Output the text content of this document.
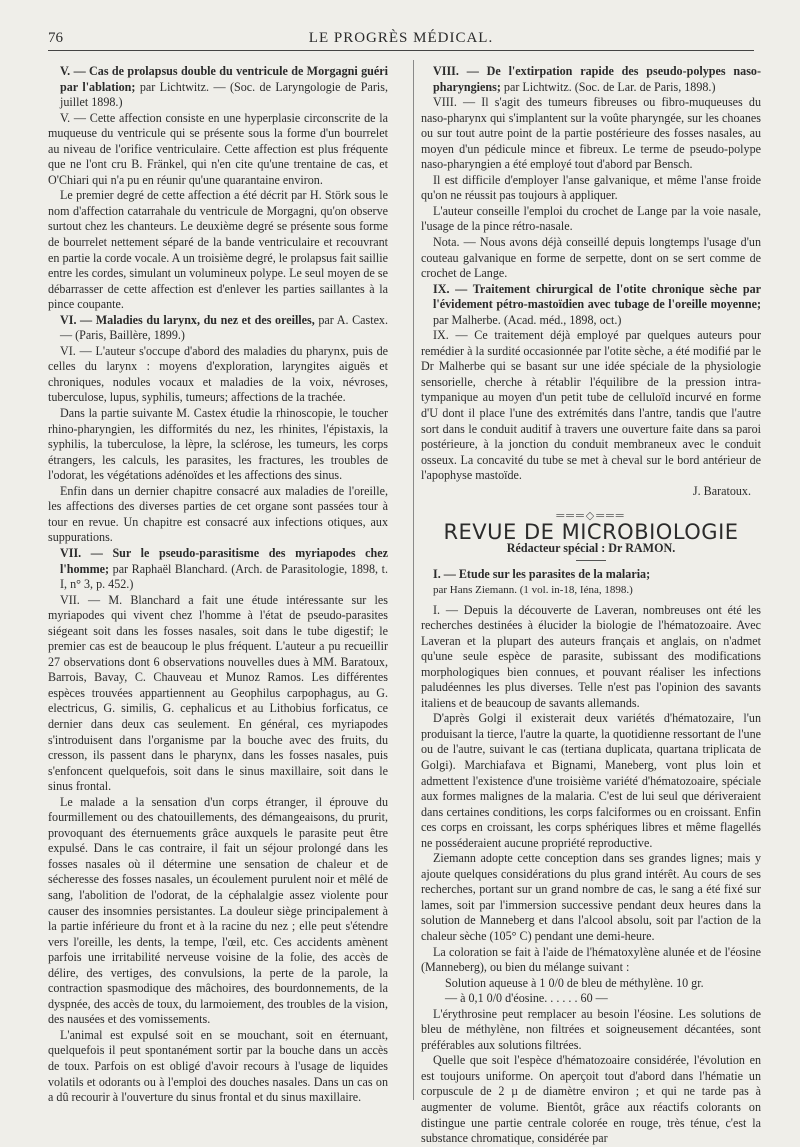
76	LE PROGRÈS MÉDICAL.

V. — Cas de prolapsus double du ventricule de Morgagni guéri par l'ablation; par Lichtwitz. — (Soc. de Laryngologie de Paris, juillet 1898.)

V. — Cette affection consiste en une hyperplasie circonscrite de la muqueuse du ventricule qui se présente sous la forme d'un bourrelet au niveau de l'orifice ventriculaire. Cette affection est plus fréquente que ne l'ont cru B. Fränkel, qui n'en cite qu'une trentaine de cas, et O'Chiari qui n'a pu en réunir qu'une quarantaine environ.

Le premier degré de cette affection a été décrit par H. Störk sous le nom d'affection catarrahale du ventricule de Morgagni, qu'on observe surtout chez les chanteurs. Le deuxième degré se présente sous forme de bourrelet nettement séparé de la bande ventriculaire et recouvrant en partie la corde vocale. A un troisième degré, le prolapsus fait saillie entre les cordes, simulant un volumineux polype. Le seul moyen de se débarrasser de cette affection est d'enlever les parties saillantes à la pince coupante.

VI. — Maladies du larynx, du nez et des oreilles, par A. Castex. — (Paris, Baillère, 1899.)

VI. — L'auteur s'occupe d'abord des maladies du pharynx, puis de celles du larynx : moyens d'exploration, laryngites aiguës et chroniques, nodules vocaux et maladies de la voix, névroses, tuberculose, lupus, syphilis, tumeurs; affections de la trachée.

Dans la partie suivante M. Castex étudie la rhinoscopie, le toucher rhino-pharyngien, les difformités du nez, les rhinites, l'épistaxis, la syphilis, la tuberculose, la lèpre, la sclérose, les tumeurs, les corps étrangers, les calculs, les parasites, les fractures, les troubles de l'odorat, les végétations adénoïdes et les affections des sinus.

Enfin dans un dernier chapitre consacré aux maladies de l'oreille, les affections des diverses parties de cet organe sont passées tour à tour en revue. Un chapitre est consacré aux infections otiques, aux suppurations.

VII. — Sur le pseudo-parasitisme des myriapodes chez l'homme; par Raphaël Blanchard. (Arch. de Parasitologie, 1898, t. I, n° 3, p. 452.)

VII. — M. Blanchard a fait une étude intéressante sur les myriapodes qui vivent chez l'homme à l'état de pseudo-parasites siégeant soit dans les fosses nasales, soit dans le tube digestif; le premier cas est de beaucoup le plus fréquent. L'auteur a pu recueillir 27 observations dont 6 observations nouvelles dues à MM. Baratoux, Barrois, Bavay, C. Chauveau et Munoz Ramos. Les différentes espèces trouvées appartiennent au Geophilus carpophagus, au G. electricus, G. similis, G. cephalicus et au Lithobius forficatus, ce dernier dans deux cas seulement. En général, ces myriapodes s'introduisent dans l'organisme par la bouche avec des fruits, du cresson, ils passent dans le pharynx, dans les fosses nasales, puis s'enfoncent quelquefois, soit dans le sinus maxillaire, soit dans le sinus frontal.

Le malade a la sensation d'un corps étranger, il éprouve du fourmillement ou des chatouillements, des démangeaisons, du prurit, provoquant des éternuements grâce auxquels le parasite peut être expulsé. Dans le cas contraire, il fait un séjour prolongé dans les fosses nasales où il détermine une sensation de chaleur et de sécheresse des fosses nasales, un écoulement purulent noir et mêlé de sang, l'abolition de l'odorat, de la céphalalgie assez violente pour causer des insomnies persistantes. La douleur siège principalement à la partie inférieure du front et à la racine du nez ; elle peut s'étendre vers l'oreille, les dents, la tempe, l'œil, etc. Ces accidents amènent parfois une irritabilité nerveuse voisine de la folie, des accès de délire, des vertiges, des convulsions, la perte de la parole, la contraction spasmodique des mâchoires, des bourdonnements, de la dyspnée, des accès de toux, du larmoiement, des troubles de la vision, des nausées et des vomissements.

L'animal est expulsé soit en se mouchant, soit en éternuant, quelquefois il peut spontanément sortir par la bouche dans un accès de toux. Parfois on est obligé d'avoir recours à l'usage de liquides volatils et odorants ou à l'emploi des douches nasales. Dans un cas on a dû recourir à l'ouverture du sinus frontal et du sinus maxillaire.

VIII. — De l'extirpation rapide des pseudo-polypes naso-pharyngiens; par Lichtwitz. (Soc. de Lar. de Paris, 1898.)

VIII. — Il s'agit des tumeurs fibreuses ou fibro-muqueuses du naso-pharynx qui s'implantent sur la voûte pharyngée, sur les choanes ou sur tout autre point de la partie postérieure des fosses nasales, au moyen d'un pédicule mince et fibreux. Le terme de pseudo-polype naso-pharyngien a été employé tout d'abord par Bensch.

Il est difficile d'employer l'anse galvanique, et même l'anse froide qu'on ne réussit pas toujours à appliquer.

L'auteur conseille l'emploi du crochet de Lange par la voie nasale, l'usage de la pince rétro-nasale.

Nota. — Nous avons déjà conseillé depuis longtemps l'usage d'un couteau galvanique en forme de serpette, dont on se sert comme de crochet de Lange.

IX. — Traitement chirurgical de l'otite chronique sèche par l'évidement pétro-mastoïdien avec tubage de l'oreille moyenne; par Malherbe. (Acad. méd., 1898, oct.)

IX. — Ce traitement déjà employé par quelques auteurs pour remédier à la surdité occasionnée par l'otite sèche, a été modifié par le Dr Malherbe qui se basant sur une idée spéciale de la physiologie sensorielle, cherche à rétablir l'équilibre de la pression intra-tympanique au moyen d'un petit tube de celluloïd incurvé en forme d'U dont il place l'une des extrémités dans l'antre, tandis que l'autre sort dans le conduit auditif à travers une ouverture faite dans sa paroi postérieure, à la jonction du conduit membraneux avec le conduit osseux. La concavité du tube se met à cheval sur le bord antérieur de l'apophyse mastoïde.

J. Baratoux.

═══◇═══

REVUE DE MICROBIOLOGIE

Rédacteur spécial : Dr RAMON.

I. — Etude sur les parasites de la malaria;

par Hans Ziemann. (1 vol. in-18, Iéna, 1898.)

I. — Depuis la découverte de Laveran, nombreuses ont été les recherches destinées à élucider la biologie de l'hématozoaire. Avec Laveran et la plupart des auteurs français et anglais, on n'admet qu'une seule espèce de parasite, subissant des modifications morphologiques bien connues, et pouvant réaliser les infections paludéennes les plus diverses. Telle n'est pas l'opinion des savants italiens et de beaucoup de savants allemands.

D'après Golgi il existerait deux variétés d'hématozaire, l'un produisant la tierce, l'autre la quarte, la quotidienne ressortant de l'une ou de l'autre, suivant le cas (tertiana duplicata, quartana triplicata de Golgi). Marchiafava et Bignami, Maneberg, vont plus loin et admettent l'existence d'une troisième variété d'hématozoaire, spéciale aux formes malignes de la malaria. C'est de lui seul que dériveraient dans certaines conditions, les corps falciformes ou en croissant. Enfin ces corps en croissant, les corps sphériques libres et même flagellés ne posséderaient aucune propriété reproductive.

Ziemann adopte cette conception dans ses grandes lignes; mais y ajoute quelques considérations du plus grand intérêt. Au cours de ses recherches, portant sur un grand nombre de cas, le sang a été fixé sur lames, soit par l'immersion successive pendant deux heures dans la solution de Manneberg et dans l'alcool absolu, soit par l'action de la chaleur sèche (105° C) pendant une demi-heure.

La coloration se fait à l'aide de l'hématoxylène alunée et de l'éosine (Manneberg), ou bien du mélange suivant :

Solution aqueuse à 1 0/0 de bleu de méthylène. 10 gr.

— à 0,1 0/0 d'éosine. . . . . . 60 —

L'érythrosine peut remplacer au besoin l'éosine. Les solutions de bleu de méthylène, non filtrées et soigneusement décantées, sont préférables aux solutions filtrées.

Quelle que soit l'espèce d'hématozoaire considérée, l'évolution en est toujours uniforme. On aperçoit tout d'abord dans l'hématie un corpuscule de 2 µ de diamètre environ ; et qui ne tarde pas à augmenter de volume. Bientôt, grâce aux réactifs colorants on distingue une partie centrale colorée en rouge, très ténue, c'est la substance chromatique, considérée par
